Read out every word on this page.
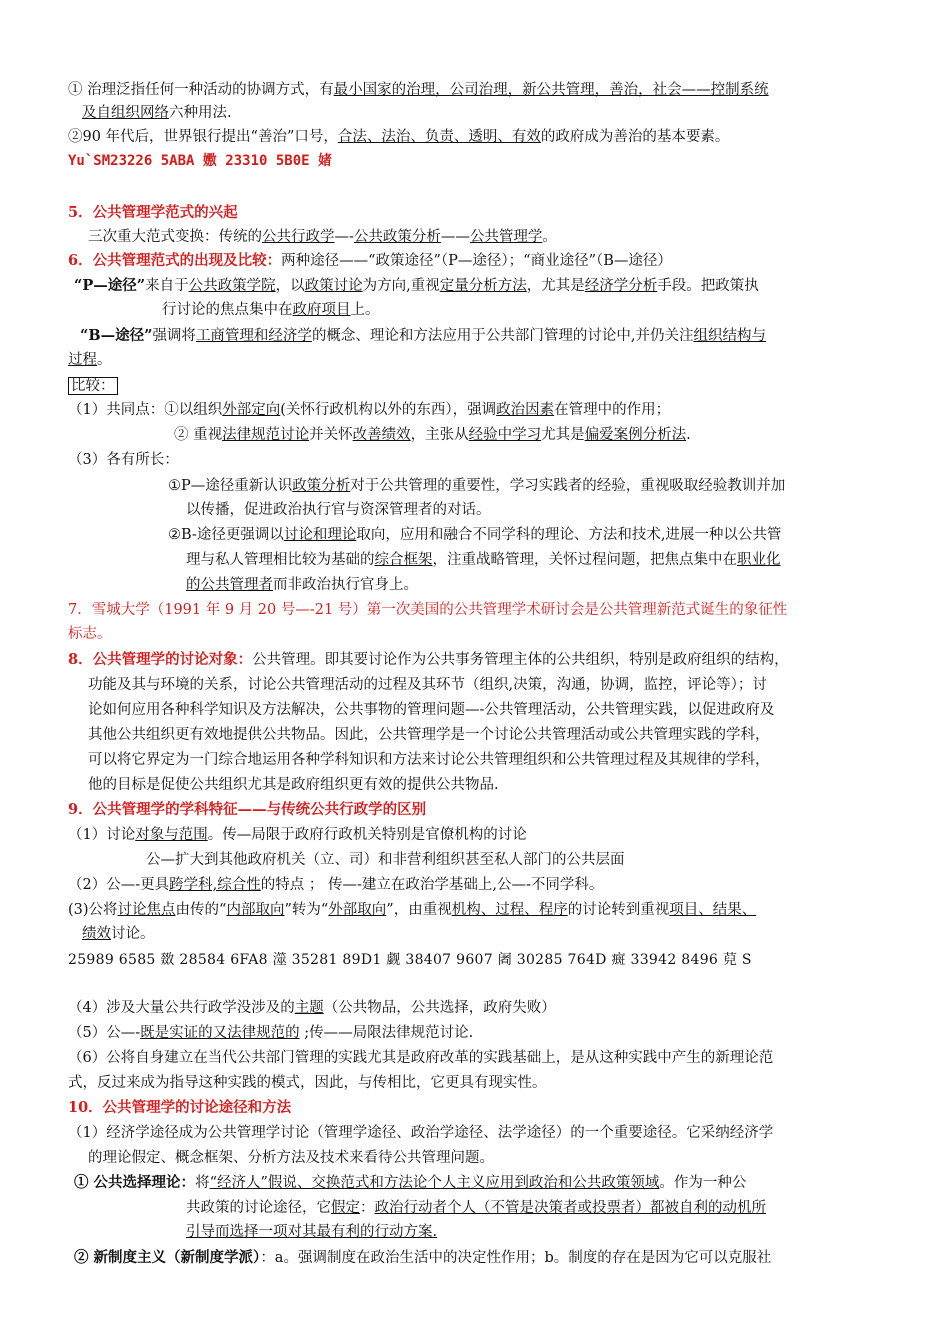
① 治理泛指任何一种活动的协调方式，有最小国家的治理，公司治理，新公共管理，善治，社会——控制系统
及自组织网络六种用法.
②90 年代后，世界银行提出“善治”口号，合法、法治、负责、透明、有效的政府成为善治的基本要素。
Yu`SM23226 5ABA 嫐 23310 5B0E 媎
5．公共管理学范式的兴起
三次重大范式变换：传统的公共行政学—-公共政策分析——公共管理学。
6．公共管理范式的出现及比较：两种途径——“政策途径”（P—途径）；“商业途径”（B—途径）
“P—途径”来自于公共政策学院，以政策讨论为方向,重视定量分析方法，尤其是经济学分析手段。把政策执
行讨论的焦点集中在政府项目上。
“B—途径”强调将工商管理和经济学的概念、理论和方法应用于公共部门管理的讨论中,并仍关注组织结构与
过程。
比较：
（1）共同点：①以组织外部定向(关怀行政机构以外的东西），强调政治因素在管理中的作用；
② 重视法律规范讨论并关怀改善绩效，主张从经验中学习尤其是偏爱案例分析法.
（3）各有所长：
①P—途径重新认识政策分析对于公共管理的重要性，学习实践者的经验，重视吸取经验教训并加
以传播，促进政治执行官与资深管理者的对话。
②B-途径更强调以讨论和理论取向，应用和融合不同学科的理论、方法和技术,进展一种以公共管
理与私人管理相比较为基础的综合框架，注重战略管理，关怀过程问题，把焦点集中在职业化
的公共管理者而非政治执行官身上。
7．雪城大学（1991 年 9 月 20 号—-21 号）第一次美国的公共管理学术研讨会是公共管理新范式诞生的象征性
标志。
8．公共管理学的讨论对象：公共管理。即其要讨论作为公共事务管理主体的公共组织，特别是政府组织的结构，
功能及其与环境的关系，讨论公共管理活动的过程及其环节（组织,决策，沟通，协调，监控，评论等）；讨
论如何应用各种科学知识及方法解决，公共事物的管理问题—-公共管理活动，公共管理实践，以促进政府及
其他公共组织更有效地提供公共物品。因此，公共管理学是一个讨论公共管理活动或公共管理实践的学科，
可以将它界定为一门综合地运用各种学科知识和方法来讨论公共管理组织和公共管理过程及其规律的学科，
他的目标是促使公共组织尤其是政府组织更有效的提供公共物品.
9．公共管理学的学科特征——与传统公共行政学的区别
（1）讨论对象与范围。传—局限于政府行政机关特别是官僚机构的讨论
公—扩大到其他政府机关（立、司）和非营利组织甚至私人部门的公共层面
（2）公—-更具跨学科,综合性的特点 ； 传—-建立在政治学基础上,公—-不同学科。
(3)公将讨论焦点由传的“内部取向”转为“外部取向”，由重视机构、过程、程序的讨论转到重视项目、结果、
绩效讨论。
25989 6585 敪 28584 6FA8 澨 35281 89D1 觑 38407 9607 阇 30285 764D 癍 33942 8496 萖 S
（4）涉及大量公共行政学没涉及的主题（公共物品，公共选择，政府失败）
（5）公—-既是实证的又法律规范的 ;传——局限法律规范讨论.
（6）公将自身建立在当代公共部门管理的实践尤其是政府改革的实践基础上，是从这种实践中产生的新理论范
式，反过来成为指导这种实践的模式，因此，与传相比，它更具有现实性。
10．公共管理学的讨论途径和方法
（1）经济学途径成为公共管理学讨论（管理学途径、政治学途径、法学途径）的一个重要途径。它采纳经济学
的理论假定、概念框架、分析方法及技术来看待公共管理问题。
① 公共选择理论：将“经济人”假说、交换范式和方法论个人主义应用到政治和公共政策领域。作为一种公
共政策的讨论途径，它假定：政治行动者个人（不管是决策者或投票者）都被自利的动机所
引导而选择一项对其最有利的行动方案.
② 新制度主义（新制度学派）：a。强调制度在政治生活中的决定性作用；b。制度的存在是因为它可以克服社
